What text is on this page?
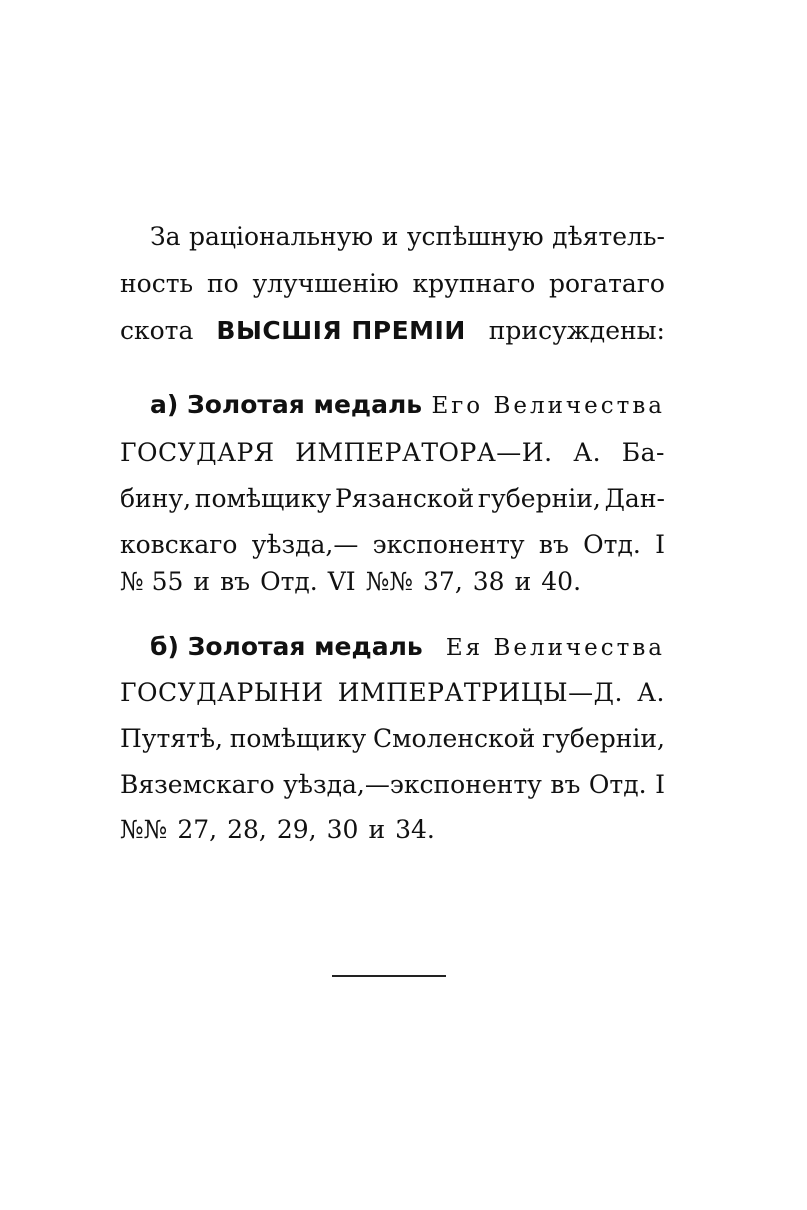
За раціональную и успѣшную дѣятель-
ность по улучшенію крупнаго рогатаго
скота ВЫСШІЯ ПРЕМІИ присуждены:
а) Золотая медаль Его Величества
ГОСУДАРЯ ИМПЕРАТОРА—И. А. Ба-
бину, помѣщику Рязанской губерніи, Дан-
ковскаго уѣзда,— экспоненту въ Отд. I
№ 55 и въ Отд. VI №№ 37, 38 и 40.
б) Золотая медаль Ея Величества
ГОСУДАРЫНИ ИМПЕРАТРИЦЫ—Д. А.
Путятѣ, помѣщику Смоленской губерніи,
Вяземскаго уѣзда,—экспоненту въ Отд. I
№№ 27, 28, 29, 30 и 34.
